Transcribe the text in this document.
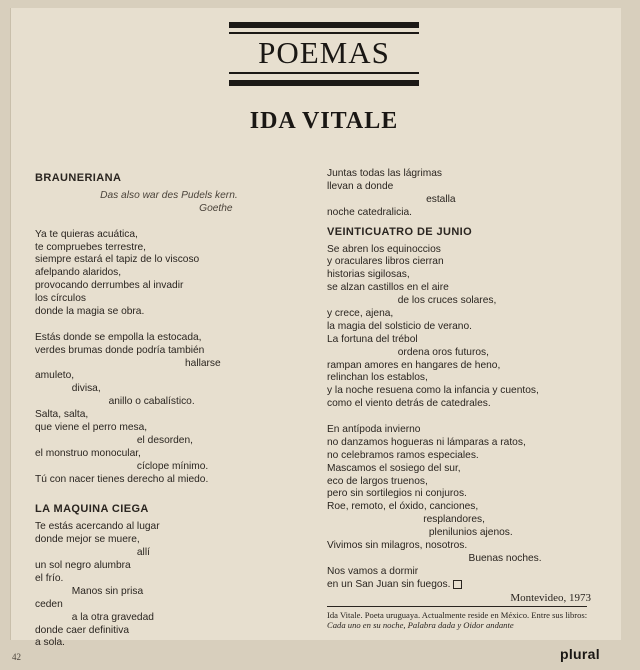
POEMAS
IDA VITALE
BRAUNERIANA
Das also war des Pudels kern.
Goethe
Ya te quieras acuática,
te compruebes terrestre,
siempre estará el tapiz de lo viscoso
afelpando alaridos,
provocando derrumbes al invadir
los círculos
donde la magia se obra.
Estás donde se empolla la estocada,
verdes brumas donde podría también
hallarse
amuleto,
divisa,
anillo o cabalístico.
Salta, salta,
que viene el perro mesa,
el desorden,
el monstruo monocular,
cíclope mínimo.
Tú con nacer tienes derecho al miedo.
LA MAQUINA CIEGA
Te estás acercando al lugar
donde mejor se muere,
allí
un sol negro alumbra
el frío.
Manos sin prisa
ceden
a la otra gravedad
donde caer definitiva
a sola.
Juntas todas las lágrimas
llevan a donde
estalla
noche catedralicia.
VEINTICUATRO DE JUNIO
Se abren los equinoccios
y oraculares libros cierran
historias sigilosas,
se alzan castillos en el aire
de los cruces solares,
y crece, ajena,
la magia del solsticio de verano.
La fortuna del trébol
ordena oros futuros,
rampan amores en hangares de heno,
relinchan los establos,
y la noche resuena como la infancia y cuentos,
como el viento detrás de catedrales.
En antípoda invierno
no danzamos hogueras ni lámparas a ratos,
no celebramos ramos especiales.
Mascamos el sosiego del sur,
eco de largos truenos,
pero sin sortilegios ni conjuros.
Roe, remoto, el óxido, canciones,
resplandores,
plenilunios ajenos.
Vivimos sin milagros, nosotros.
Buenas noches.
Nos vamos a dormir
en un San Juan sin fuegos.
Montevideo, 1973
Ida Vitale. Poeta uruguaya. Actualmente reside en México. Entre sus libros: Cada uno en su noche, Palabra dada y Oidor andante
42	plural
